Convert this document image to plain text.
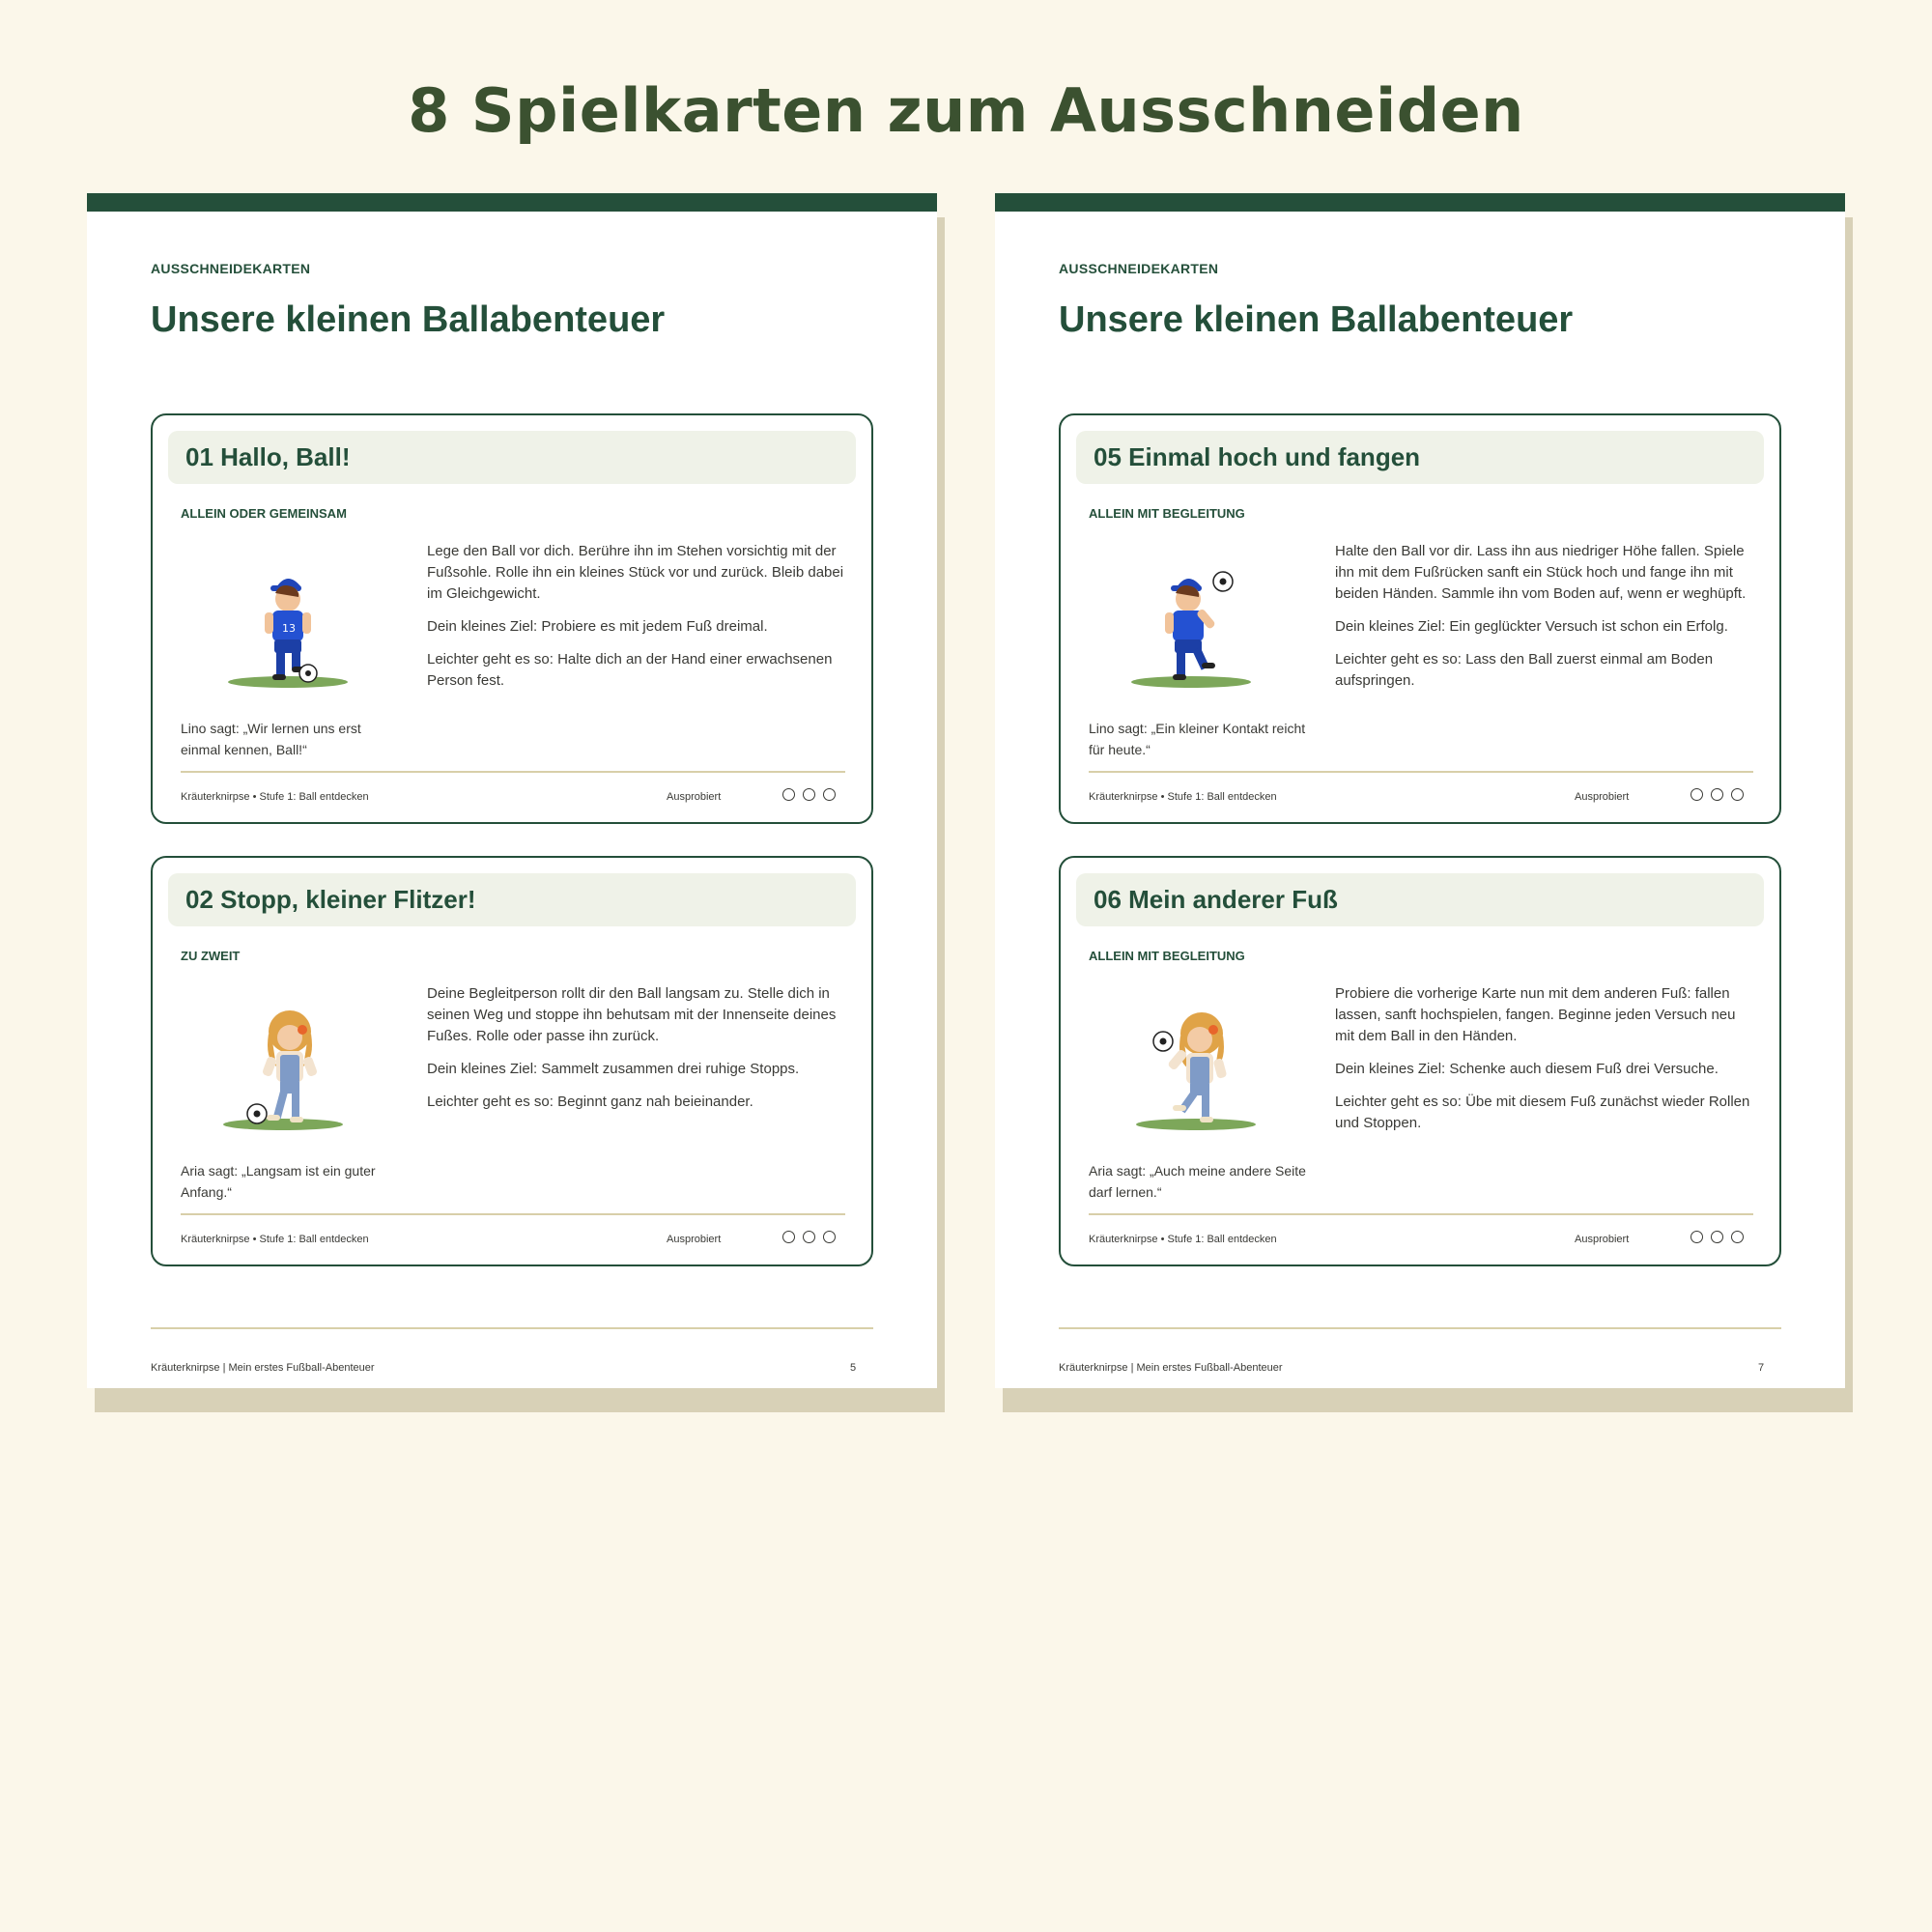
8 Spielkarten zum Ausschneiden
AUSSCHNEIDEKARTEN
Unsere kleinen Ballabenteuer
01 Hallo, Ball!
ALLEIN ODER GEMEINSAM
13

Lege den Ball vor dich. Berühre ihn im Stehen vorsichtig mit der Fußsohle. Rolle ihn ein kleines Stück vor und zurück. Bleib dabei im Gleichgewicht.

Dein kleines Ziel: Probiere es mit jedem Fuß dreimal.

Leichter geht es so: Halte dich an der Hand einer erwachsenen Person fest.

Lino sagt: „Wir lernen uns erst einmal kennen, Ball!“
Kräuterknirpse • Stufe 1: Ball entdecken	Ausprobiert
02 Stopp, kleiner Flitzer!
ZU ZWEIT

Deine Begleitperson rollt dir den Ball langsam zu. Stelle dich in seinen Weg und stoppe ihn behutsam mit der Innenseite deines Fußes. Rolle oder passe ihn zurück.

Dein kleines Ziel: Sammelt zusammen drei ruhige Stopps.

Leichter geht es so: Beginnt ganz nah beieinander.

Aria sagt: „Langsam ist ein guter Anfang.“
Kräuterknirpse • Stufe 1: Ball entdecken	Ausprobiert
Kräuterknirpse | Mein erstes Fußball-Abenteuer	5
AUSSCHNEIDEKARTEN
Unsere kleinen Ballabenteuer
05 Einmal hoch und fangen
ALLEIN MIT BEGLEITUNG

Halte den Ball vor dir. Lass ihn aus niedriger Höhe fallen. Spiele ihn mit dem Fußrücken sanft ein Stück hoch und fange ihn mit beiden Händen. Sammle ihn vom Boden auf, wenn er weghüpft.

Dein kleines Ziel: Ein geglückter Versuch ist schon ein Erfolg.

Leichter geht es so: Lass den Ball zuerst einmal am Boden aufspringen.

Lino sagt: „Ein kleiner Kontakt reicht für heute.“
Kräuterknirpse • Stufe 1: Ball entdecken	Ausprobiert
06 Mein anderer Fuß
ALLEIN MIT BEGLEITUNG

Probiere die vorherige Karte nun mit dem anderen Fuß: fallen lassen, sanft hochspielen, fangen. Beginne jeden Versuch neu mit dem Ball in den Händen.

Dein kleines Ziel: Schenke auch diesem Fuß drei Versuche.

Leichter geht es so: Übe mit diesem Fuß zunächst wieder Rollen und Stoppen.

Aria sagt: „Auch meine andere Seite darf lernen.“
Kräuterknirpse • Stufe 1: Ball entdecken	Ausprobiert
Kräuterknirpse | Mein erstes Fußball-Abenteuer	7
